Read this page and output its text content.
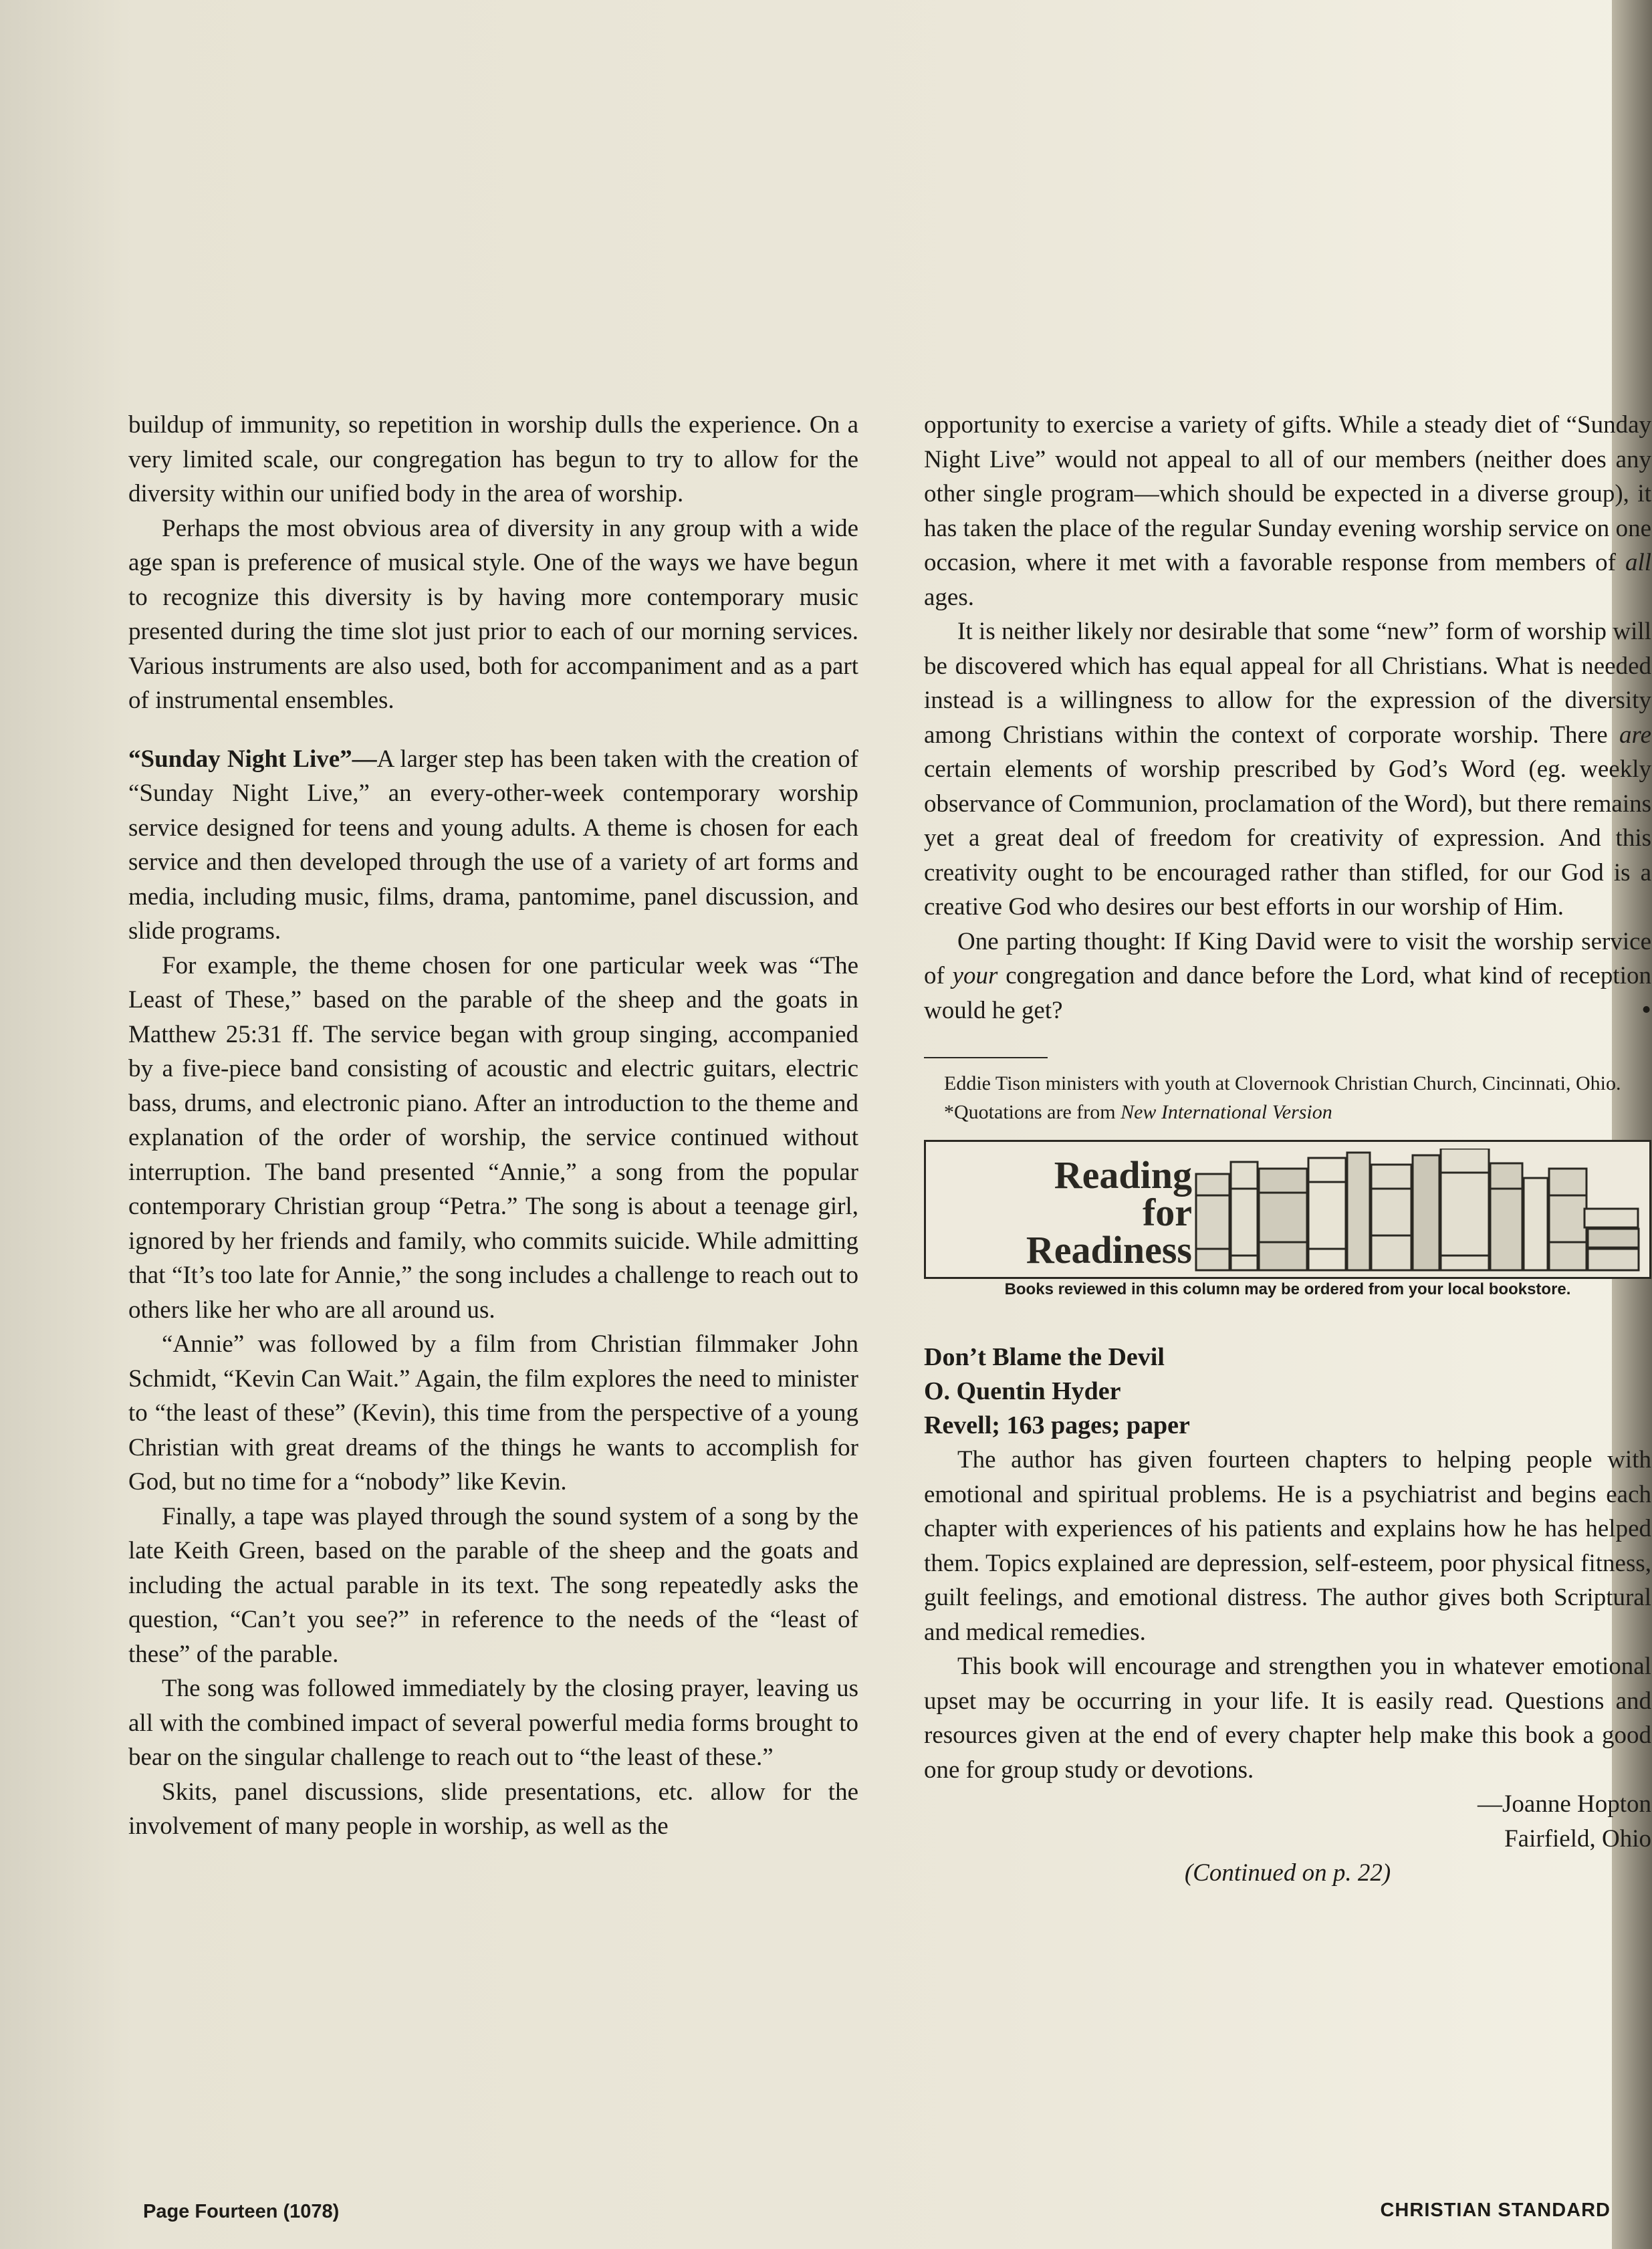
buildup of immunity, so repetition in worship dulls the experience. On a very limited scale, our congregation has begun to try to allow for the diversity within our unified body in the area of worship.

Perhaps the most obvious area of diversity in any group with a wide age span is preference of musical style. One of the ways we have begun to recognize this diversity is by having more contemporary music presented during the time slot just prior to each of our morning services. Various instruments are also used, both for accompaniment and as a part of instrumental ensembles.

“Sunday Night Live”—A larger step has been taken with the creation of “Sunday Night Live,” an every-other-week contemporary worship service designed for teens and young adults. A theme is chosen for each service and then developed through the use of a variety of art forms and media, including music, films, drama, pantomime, panel discussion, and slide programs.

For example, the theme chosen for one particular week was “The Least of These,” based on the parable of the sheep and the goats in Matthew 25:31 ff. The service began with group singing, accompanied by a five-piece band consisting of acoustic and electric guitars, electric bass, drums, and electronic piano. After an introduction to the theme and explanation of the order of worship, the service continued without interruption. The band presented “Annie,” a song from the popular contemporary Christian group “Petra.” The song is about a teenage girl, ignored by her friends and family, who commits suicide. While admitting that “It’s too late for Annie,” the song includes a challenge to reach out to others like her who are all around us.

“Annie” was followed by a film from Christian filmmaker John Schmidt, “Kevin Can Wait.” Again, the film explores the need to minister to “the least of these” (Kevin), this time from the perspective of a young Christian with great dreams of the things he wants to accomplish for God, but no time for a “nobody” like Kevin.

Finally, a tape was played through the sound system of a song by the late Keith Green, based on the parable of the sheep and the goats and including the actual parable in its text. The song repeatedly asks the question, “Can’t you see?” in reference to the needs of the “least of these” of the parable.

The song was followed immediately by the closing prayer, leaving us all with the combined impact of several powerful media forms brought to bear on the singular challenge to reach out to “the least of these.”

Skits, panel discussions, slide presentations, etc. allow for the involvement of many people in worship, as well as the

opportunity to exercise a variety of gifts. While a steady diet of “Sunday Night Live” would not appeal to all of our members (neither does any other single program—which should be expected in a diverse group), it has taken the place of the regular Sunday evening worship service on one occasion, where it met with a favorable response from members of all ages.

It is neither likely nor desirable that some “new” form of worship will be discovered which has equal appeal for all Christians. What is needed instead is a willingness to allow for the expression of the diversity among Christians within the context of corporate worship. There are certain elements of worship prescribed by God’s Word (eg. weekly observance of Communion, proclamation of the Word), but there remains yet a great deal of freedom for creativity of expression. And this creativity ought to be encouraged rather than stifled, for our God is a creative God who desires our best efforts in our worship of Him.

One parting thought: If King David were to visit the worship service of your congregation and dance before the Lord, what kind of reception would he get?	•

Eddie Tison ministers with youth at Clovernook Christian Church, Cincinnati, Ohio.

*Quotations are from New International Version

Reading
for
Readiness

Books reviewed in this column may be ordered from your local bookstore.

Don’t Blame the Devil
O. Quentin Hyder
Revell; 163 pages; paper

The author has given fourteen chapters to helping people with emotional and spiritual problems. He is a psychiatrist and begins each chapter with experiences of his patients and explains how he has helped them. Topics explained are depression, self-esteem, poor physical fitness, guilt feelings, and emotional distress. The author gives both Scriptural and medical remedies.

This book will encourage and strengthen you in whatever emotional upset may be occurring in your life. It is easily read. Questions and resources given at the end of every chapter help make this book a good one for group study or devotions.

—Joanne Hopton

Fairfield, Ohio

(Continued on p. 22)

Page Fourteen (1078)	CHRISTIAN STANDARD
